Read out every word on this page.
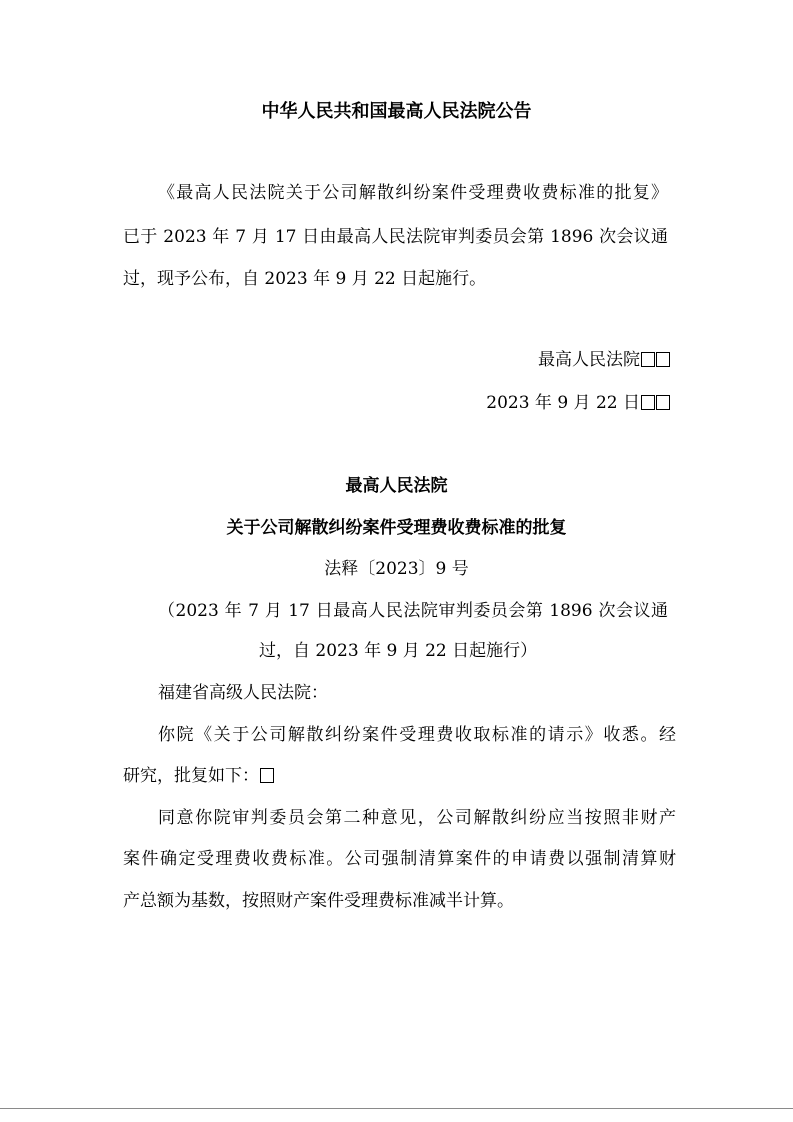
中华人民共和国最高人民法院公告
《最高人民法院关于公司解散纠纷案件受理费收费标准的批复》
已于 2023 年 7 月 17 日由最高人民法院审判委员会第 1896 次会议通
过，现予公布，自 2023 年 9 月 22 日起施行。
最高人民法院
2023 年 9 月 22 日
最高人民法院
关于公司解散纠纷案件受理费收费标准的批复
法释〔2023〕9 号
（2023 年 7 月 17 日最高人民法院审判委员会第 1896 次会议通
过，自 2023 年 9 月 22 日起施行）
福建省高级人民法院：
你院《关于公司解散纠纷案件受理费收取标准的请示》收悉。经
研究，批复如下：
同意你院审判委员会第二种意见，公司解散纠纷应当按照非财产
案件确定受理费收费标准。公司强制清算案件的申请费以强制清算财
产总额为基数，按照财产案件受理费标准减半计算。
